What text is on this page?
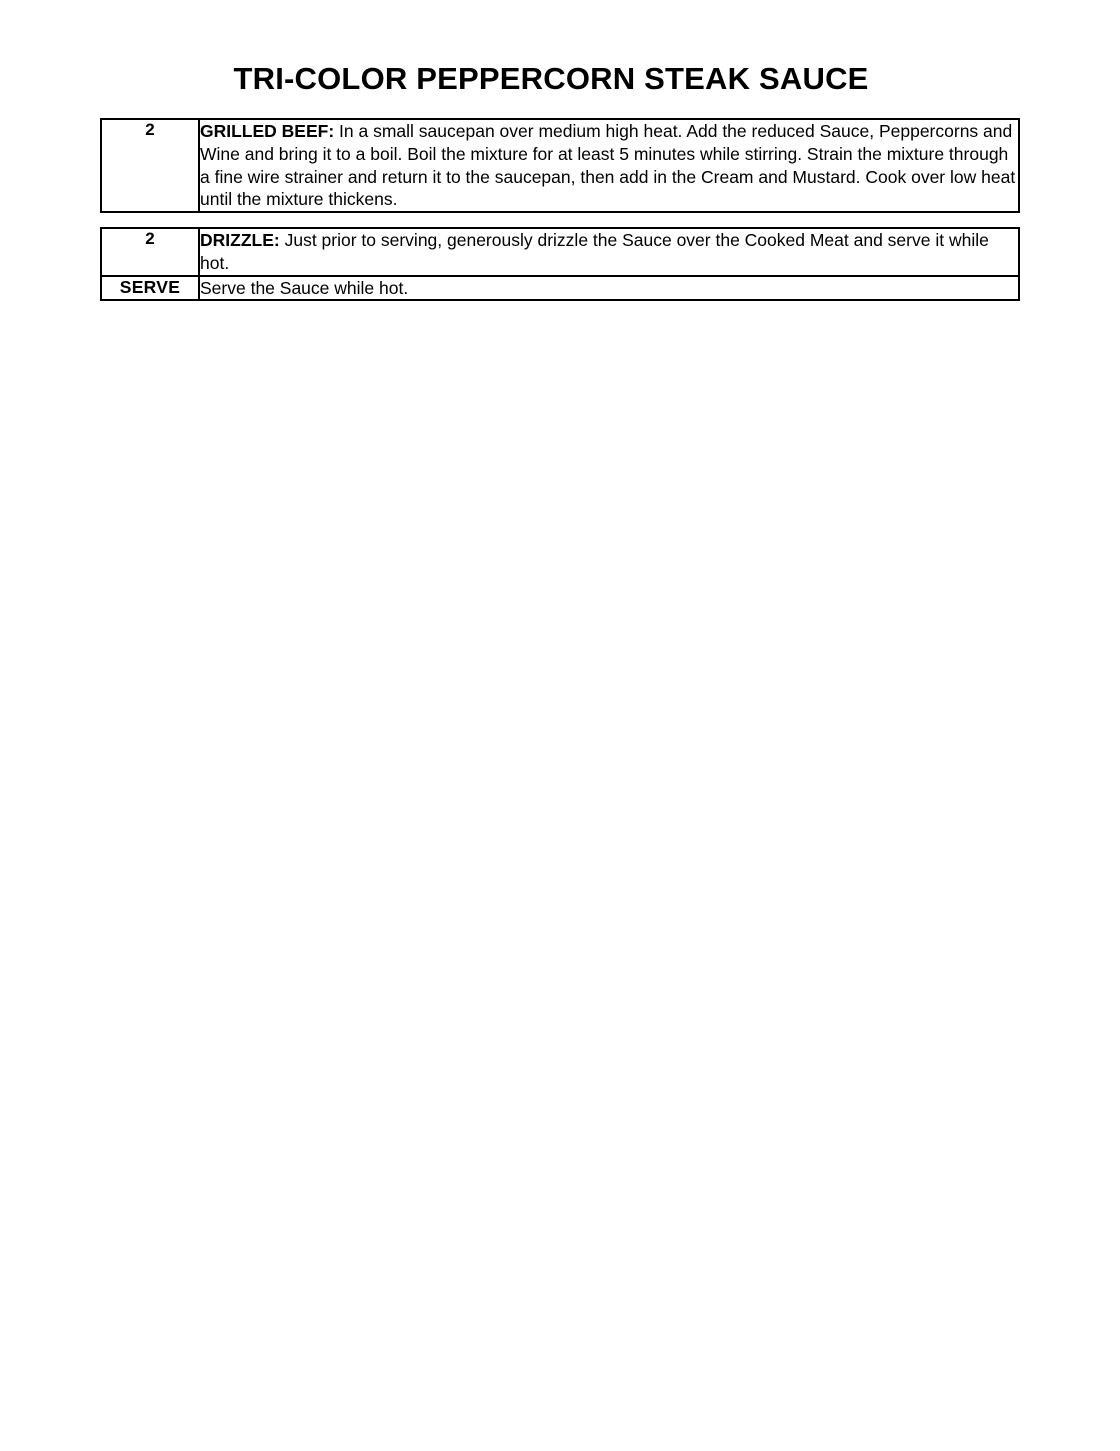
TRI-COLOR PEPPERCORN STEAK SAUCE
2	GRILLED BEEF: In a small saucepan over medium high heat. Add the reduced Sauce, Peppercorns and Wine and bring it to a boil. Boil the mixture for at least 5 minutes while stirring. Strain the mixture through a fine wire strainer and return it to the saucepan, then add in the Cream and Mustard. Cook over low heat until the mixture thickens.
2	DRIZZLE: Just prior to serving, generously drizzle the Sauce over the Cooked Meat and serve it while hot.
SERVE	Serve the Sauce while hot.
